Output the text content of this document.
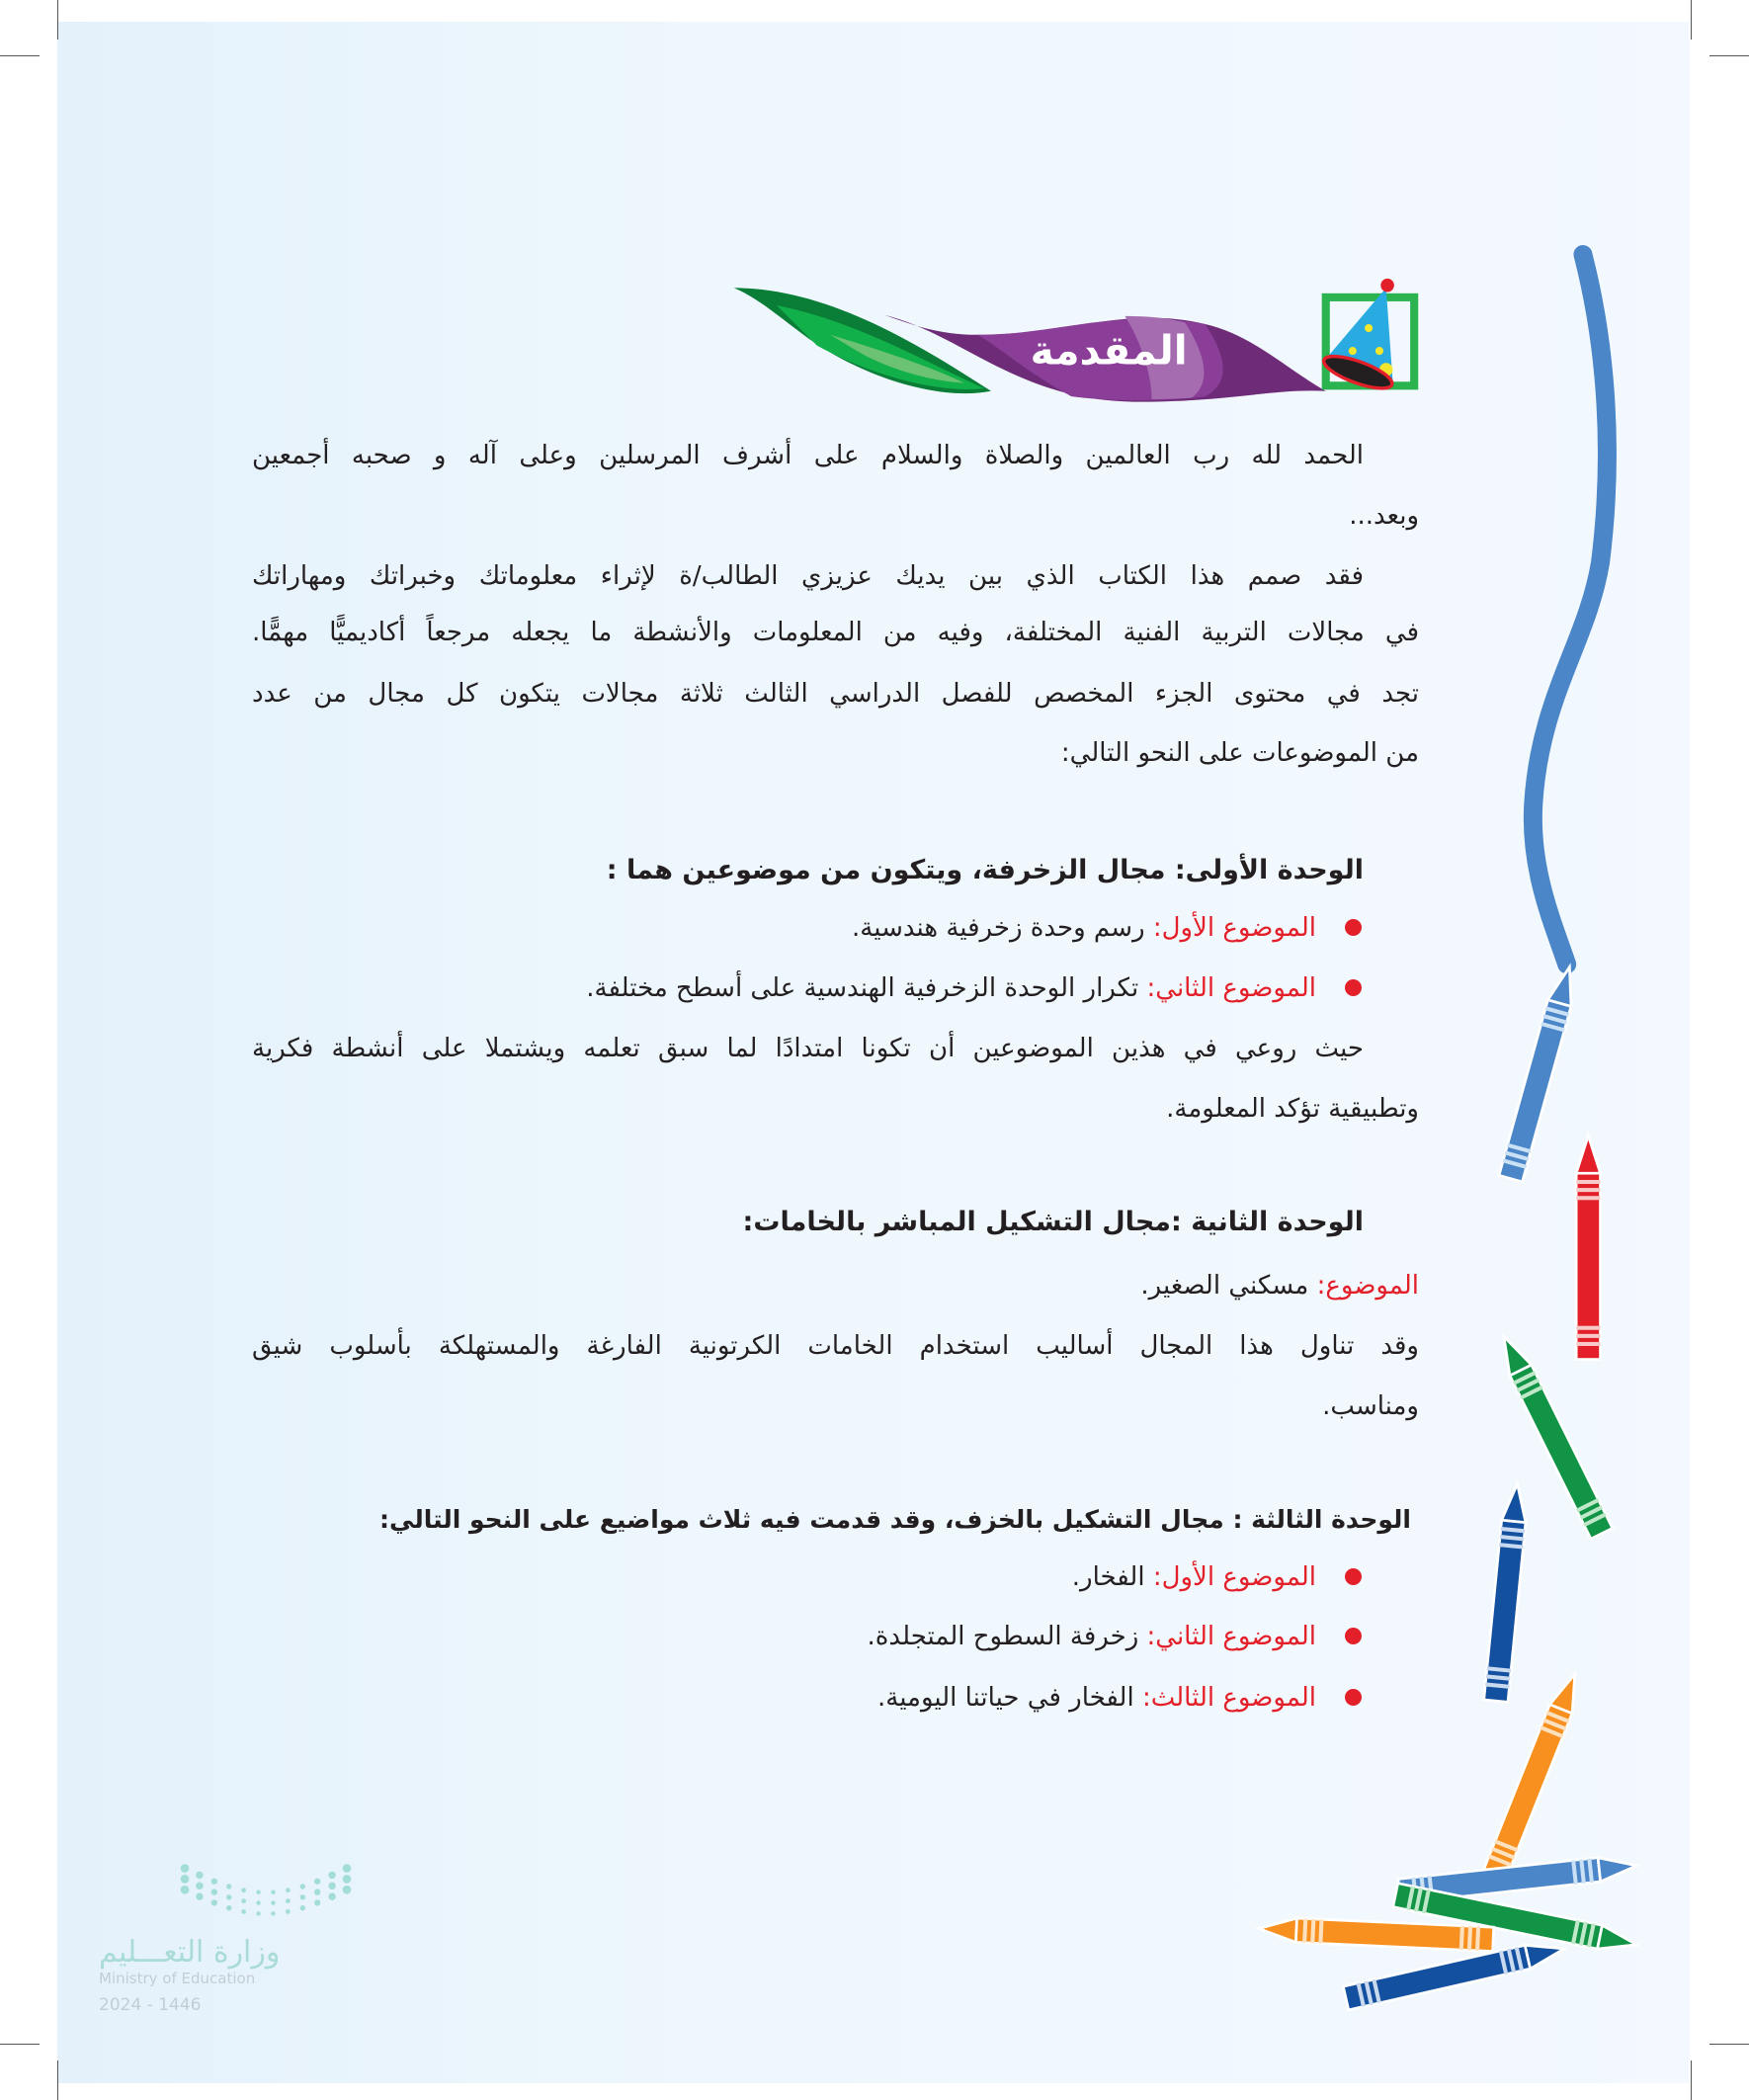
المقدمة
الحمد لله رب العالمين والصلاة والسلام على أشرف المرسلين وعلى آله و صحبه أجمعين
وبعد...
فقد صمم هذا الكتاب الذي بين يديك عزيزي الطالب/ة لإثراء معلوماتك وخبراتك ومهاراتك
في مجالات التربية الفنية المختلفة، وفيه من المعلومات والأنشطة ما يجعله مرجعاً أكاديميًّا مهمًّا.
تجد في محتوى الجزء المخصص للفصل الدراسي الثالث ثلاثة مجالات يتكون كل مجال من عدد
من الموضوعات على النحو التالي:
الوحدة الأولى: مجال الزخرفة، ويتكون من موضوعين هما :
الموضوع الأول: رسم وحدة زخرفية هندسية.
الموضوع الثاني: تكرار الوحدة الزخرفية الهندسية على أسطح مختلفة.
حيث روعي في هذين الموضوعين أن تكونا امتدادًا لما سبق تعلمه ويشتملا على أنشطة فكرية
وتطبيقية تؤكد المعلومة.
الوحدة الثانية :مجال التشكيل المباشر بالخامات:
الموضوع: مسكني الصغير.
وقد تناول هذا المجال أساليب استخدام الخامات الكرتونية الفارغة والمستهلكة بأسلوب شيق
ومناسب.
الوحدة الثالثة : مجال التشكيل بالخزف، وقد قدمت فيه ثلاث مواضيع على النحو التالي:
الموضوع الأول: الفخار.
الموضوع الثاني: زخرفة السطوح المتجلدة.
الموضوع الثالث: الفخار في حياتنا اليومية.
وزارة التعـــليم
Ministry of Education
2024 - 1446
